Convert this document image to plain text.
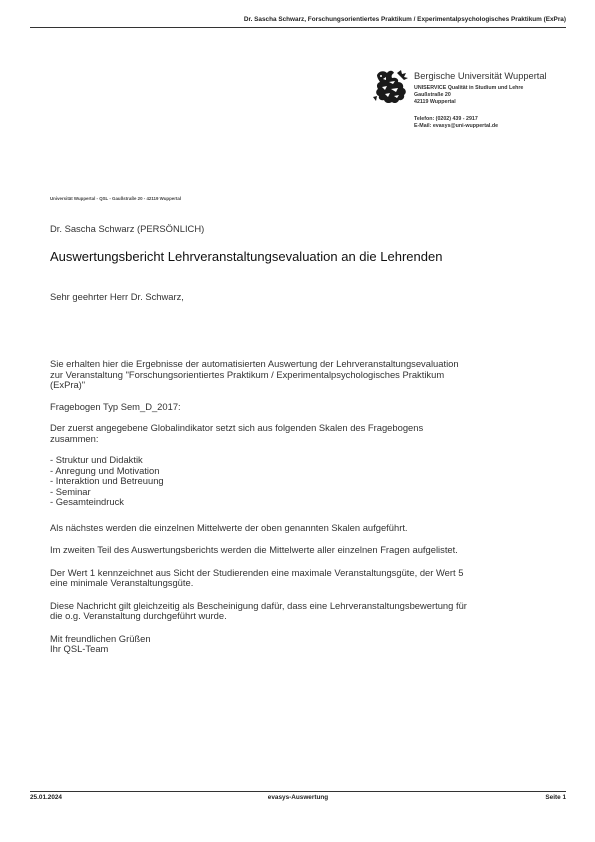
Dr. Sascha Schwarz, Forschungsorientiertes Praktikum / Experimentalpsychologisches Praktikum (ExPra)
Bergische Universität Wuppertal
UNISERVICE Qualität in Studium und Lehre
Gaußstraße 20
42119 Wuppertal
Telefon: (0202) 439 - 2917
E-Mail: evasys@uni-wuppertal.de
Universität Wuppertal - QSL - Gaußstraße 20 - 42119 Wuppertal
Dr. Sascha Schwarz (PERSÖNLICH)
Auswertungsbericht Lehrveranstaltungsevaluation an die Lehrenden
Sehr geehrter Herr Dr. Schwarz,

Sie erhalten hier die Ergebnisse der automatisierten Auswertung der Lehrveranstaltungsevaluation

zur Veranstaltung "Forschungsorientiertes Praktikum / Experimentalpsychologisches Praktikum

(ExPra)"

Fragebogen Typ Sem_D_2017:

Der zuerst angegebene Globalindikator setzt sich aus folgenden Skalen des Fragebogens

zusammen:

- Struktur und Didaktik
- Anregung und Motivation
- Interaktion und Betreuung
- Seminar
- Gesamteindruck

Als nächstes werden die einzelnen Mittelwerte der oben genannten Skalen aufgeführt.

Im zweiten Teil des Auswertungsberichts werden die Mittelwerte aller einzelnen Fragen aufgelistet.

Der Wert 1 kennzeichnet aus Sicht der Studierenden eine maximale Veranstaltungsgüte, der Wert 5

eine minimale Veranstaltungsgüte.

Diese Nachricht gilt gleichzeitig als Bescheinigung dafür, dass eine Lehrveranstaltungsbewertung für

die o.g. Veranstaltung durchgeführt wurde.

Mit freundlichen Grüßen

Ihr QSL-Team

25.01.2024	evasys-Auswertung	Seite 1
